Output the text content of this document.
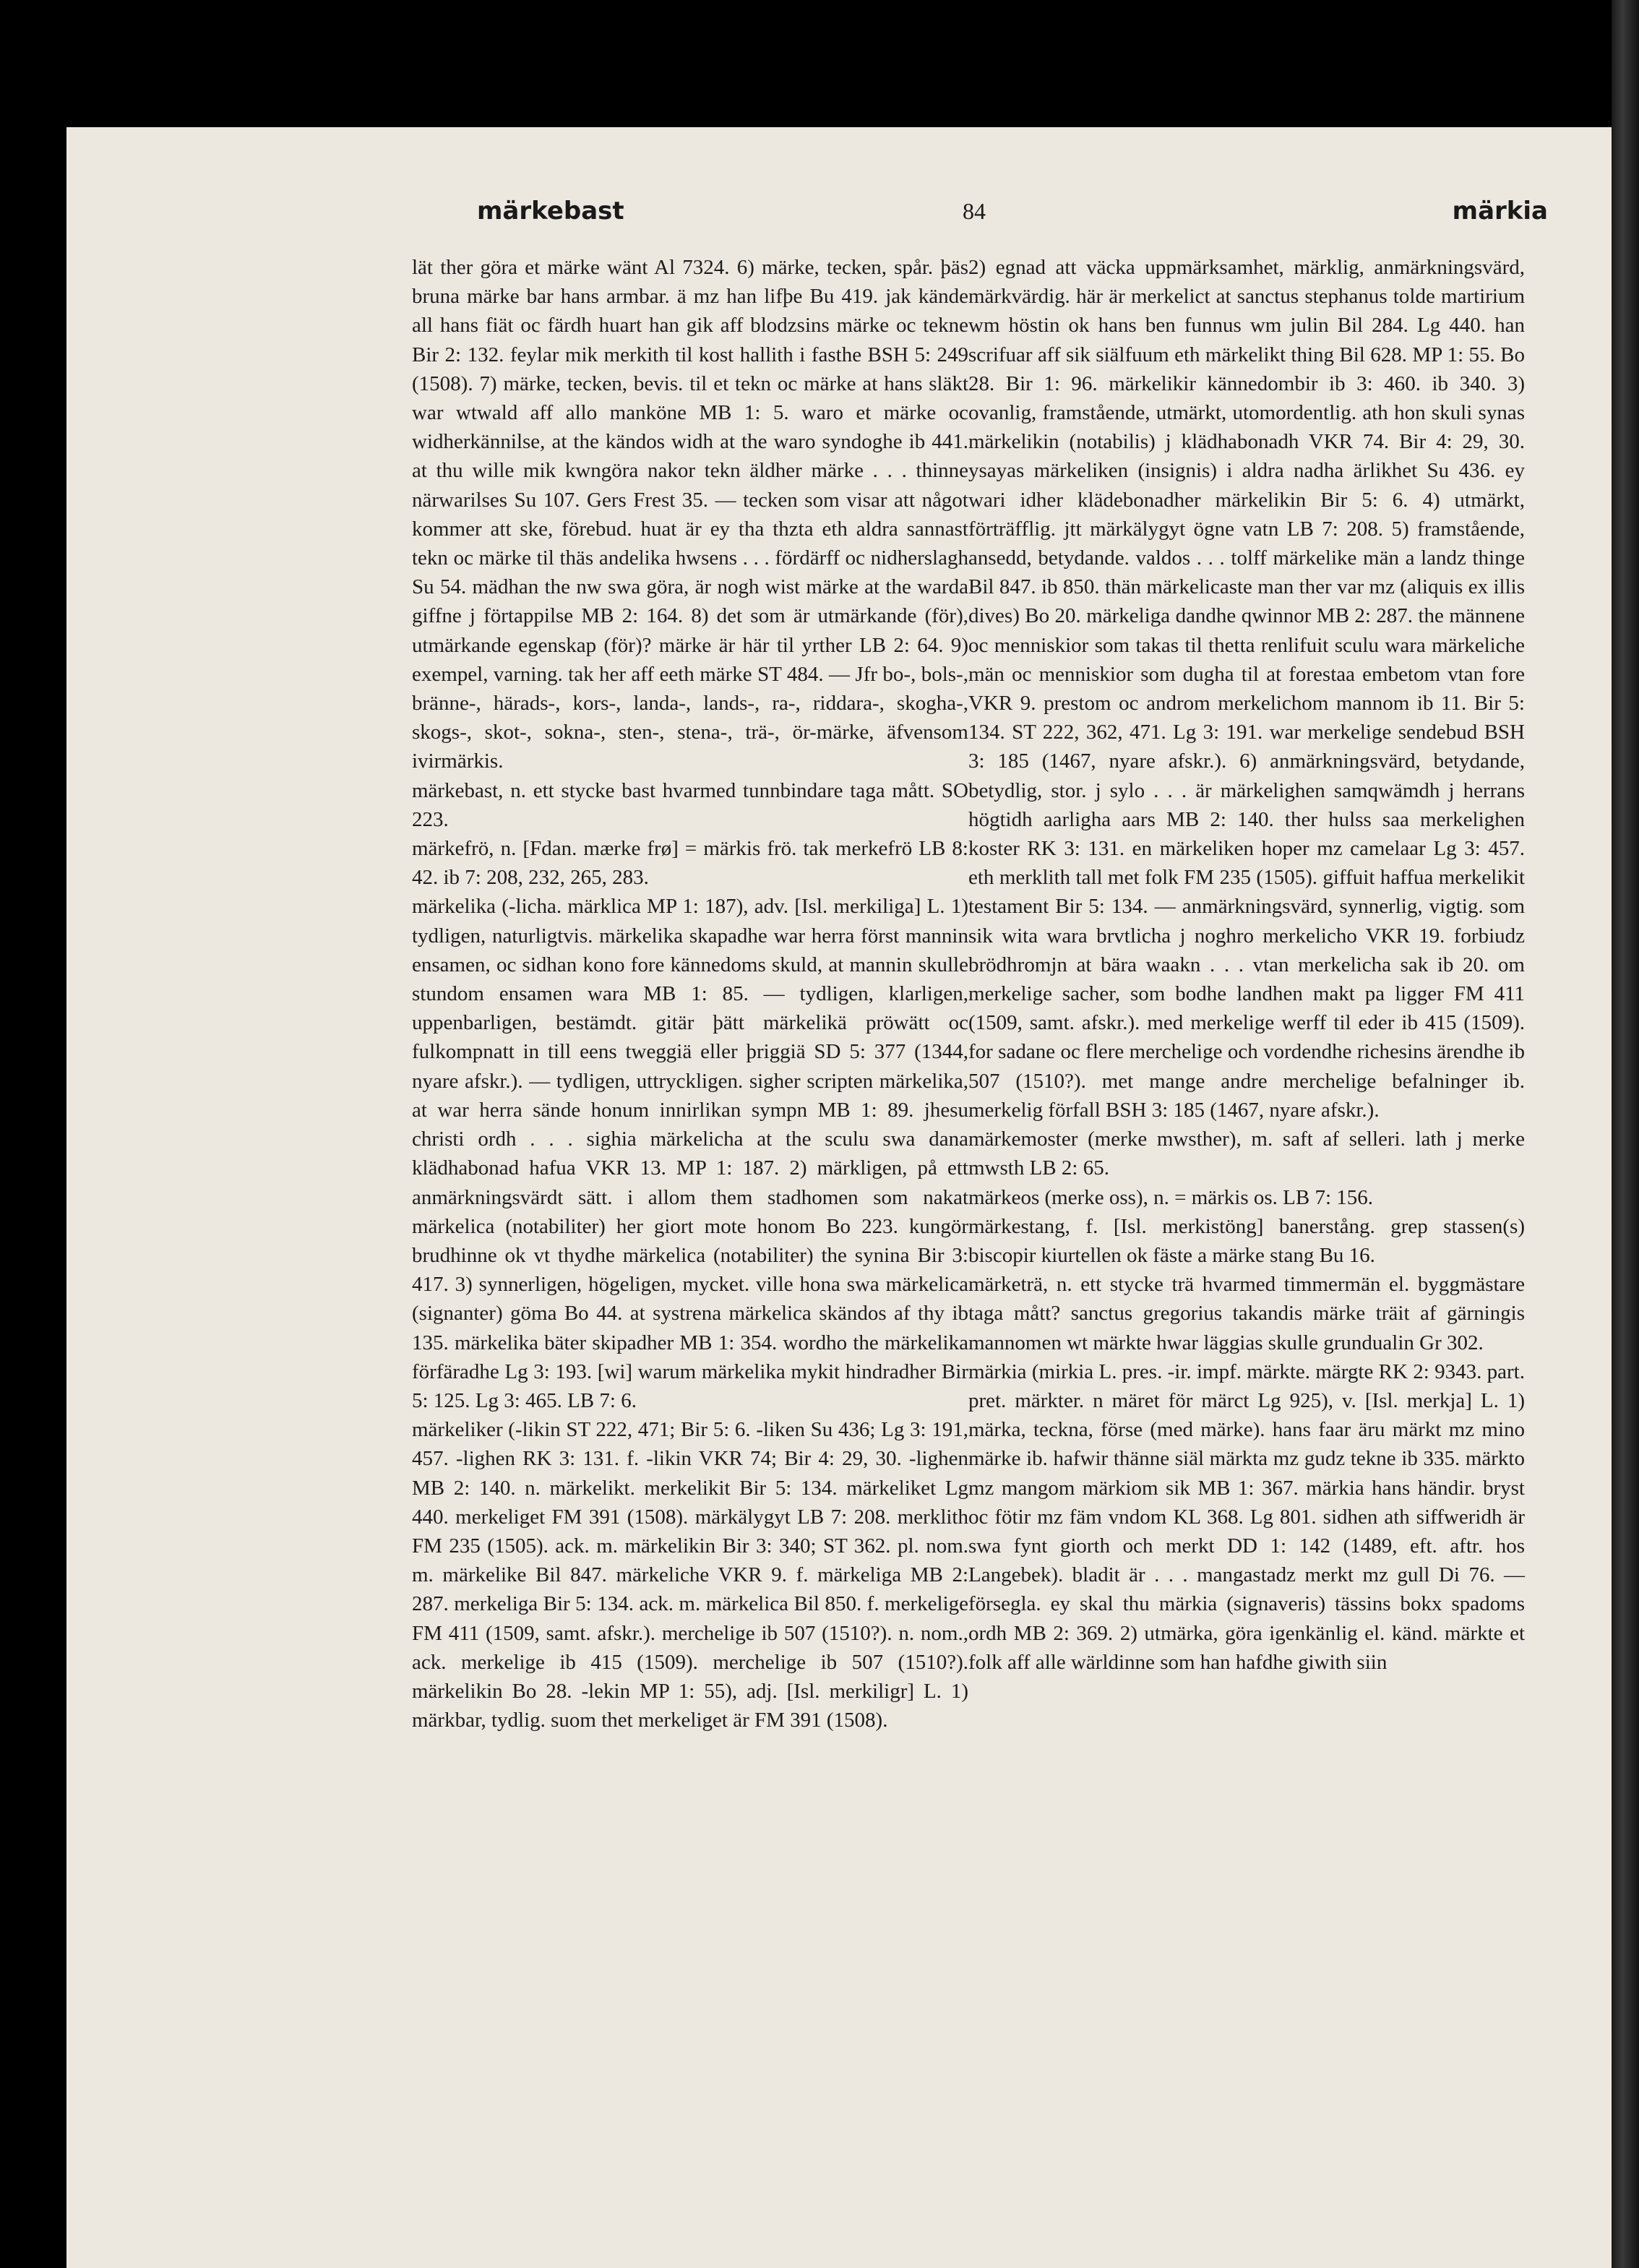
märkebast	84	märkia

lät ther göra et märke wänt Al 7324. 6) märke, tecken, spår. þäs bruna märke bar hans armbar. ä mz han lifþe Bu 419. jak kände all hans fiät oc färdh huart han gik aff blodzsins märke oc tekne Bir 2: 132. feylar mik merkith til kost hallith i fasthe BSH 5: 249 (1508). 7) märke, tecken, bevis. til et tekn oc märke at hans släkt war wtwald aff allo manköne MB 1: 5. waro et märke oc widherkännilse, at the kändos widh at the waro syndoghe ib 441. at thu wille mik kwngöra nakor tekn äldher märke . . . thinne närwarilses Su 107. Gers Frest 35. — tecken som visar att något kommer att ske, förebud. huat är ey tha thzta eth aldra sannast tekn oc märke til thäs andelika hwsens . . . fördärff oc nidherslagh Su 54. mädhan the nw swa göra, är nogh wist märke at the warda giffne j förtappilse MB 2: 164. 8) det som är utmärkande (för), utmärkande egenskap (för)? märke är här til yrther LB 2: 64. 9) exempel, varning. tak her aff eeth märke ST 484. — Jfr bo-, bols-, bränne-, härads-, kors-, landa-, lands-, ra-, riddara-, skogha-, skogs-, skot-, sokna-, sten-, stena-, trä-, ör-märke, äfvensom ivirmärkis.

märkebast, n. ett stycke bast hvarmed tunnbindare taga mått. SO 223.

märkefrö, n. [Fdan. mærke frø] = märkis frö. tak merkefrö LB 8: 42. ib 7: 208, 232, 265, 283.

märkelika (-licha. märklica MP 1: 187), adv. [Isl. merkiliga] L. 1) tydligen, naturligtvis. märkelika skapadhe war herra först mannin ensamen, oc sidhan kono fore kännedoms skuld, at mannin skulle stundom ensamen wara MB 1: 85. — tydligen, klarligen, uppenbarligen, bestämdt. gitär þätt märkelikä pröwätt oc fulkompnatt in till eens tweggiä eller þriggiä SD 5: 377 (1344, nyare afskr.). — tydligen, uttryckligen. sigher scripten märkelika, at war herra sände honum innirlikan sympn MB 1: 89. jhesu christi ordh . . . sighia märkelicha at the sculu swa dana klädhabonad hafua VKR 13. MP 1: 187. 2) märkligen, på ett anmärkningsvärdt sätt. i allom them stadhomen som nakat märkelica (notabiliter) her giort mote honom Bo 223. kungör brudhinne ok vt thydhe märkelica (notabiliter) the synina Bir 3: 417. 3) synnerligen, högeligen, mycket. ville hona swa märkelica (signanter) göma Bo 44. at systrena märkelica skändos af thy ib 135. märkelika bäter skipadher MB 1: 354. wordho the märkelika förfäradhe Lg 3: 193. [wi] warum märkelika mykit hindradher Bir 5: 125. Lg 3: 465. LB 7: 6.

märkeliker (-likin ST 222, 471; Bir 5: 6. -liken Su 436; Lg 3: 191, 457. -lighen RK 3: 131. f. -likin VKR 74; Bir 4: 29, 30. -lighen MB 2: 140. n. märkelikt. merkelikit Bir 5: 134. märkeliket Lg 440. merkeliget FM 391 (1508). märkälygyt LB 7: 208. merklith FM 235 (1505). ack. m. märkelikin Bir 3: 340; ST 362. pl. nom. m. märkelike Bil 847. märkeliche VKR 9. f. märkeliga MB 2: 287. merkeliga Bir 5: 134. ack. m. märkelica Bil 850. f. merkelige FM 411 (1509, samt. afskr.). merchelige ib 507 (1510?). n. nom., ack. merkelige ib 415 (1509). merchelige ib 507 (1510?). märkelikin Bo 28. -lekin MP 1: 55), adj. [Isl. merkiligr] L. 1) märkbar, tydlig. suom thet merkeliget är FM 391 (1508).

2) egnad att väcka uppmärksamhet, märklig, anmärkningsvärd, märkvärdig. här är merkelict at sanctus stephanus tolde martirium wm höstin ok hans ben funnus wm julin Bil 284. Lg 440. han scrifuar aff sik siälfuum eth märkelikt thing Bil 628. MP 1: 55. Bo 28. Bir 1: 96. märkelikir kännedombir ib 3: 460. ib 340. 3) ovanlig, framstående, utmärkt, utomordentlig. ath hon skuli synas märkelikin (notabilis) j klädhabonadh VKR 74. Bir 4: 29, 30. ysayas märkeliken (insignis) i aldra nadha ärlikhet Su 436. ey wari idher klädebonadher märkelikin Bir 5: 6. 4) utmärkt, förträfflig. jtt märkälygyt ögne vatn LB 7: 208. 5) framstående, ansedd, betydande. valdos . . . tolff märkelike män a landz thinge Bil 847. ib 850. thän märkelicaste man ther var mz (aliquis ex illis dives) Bo 20. märkeliga dandhe qwinnor MB 2: 287. the männene oc menniskior som takas til thetta renlifuit sculu wara märkeliche män oc menniskior som dugha til at forestaa embetom vtan fore VKR 9. prestom oc androm merkelichom mannom ib 11. Bir 5: 134. ST 222, 362, 471. Lg 3: 191. war merkelige sendebud BSH 3: 185 (1467, nyare afskr.). 6) anmärkningsvärd, betydande, betydlig, stor. j sylo . . . är märkelighen samqwämdh j herrans högtidh aarligha aars MB 2: 140. ther hulss saa merkelighen koster RK 3: 131. en märkeliken hoper mz camelaar Lg 3: 457. eth merklith tall met folk FM 235 (1505). giffuit haffua merkelikit testament Bir 5: 134. — anmärkningsvärd, synnerlig, vigtig. som sik wita wara brvtlicha j noghro merkelicho VKR 19. forbiudz brödhromjn at bära waakn . . . vtan merkelicha sak ib 20. om merkelige sacher, som bodhe landhen makt pa ligger FM 411 (1509, samt. afskr.). med merkelige werff til eder ib 415 (1509). for sadane oc flere merchelige och vordendhe richesins ärendhe ib 507 (1510?). met mange andre merchelige befalninger ib. merkelig förfall BSH 3: 185 (1467, nyare afskr.).

märkemoster (merke mwsther), m. saft af selleri. lath j merke mwsth LB 2: 65.

märkeos (merke oss), n. = märkis os. LB 7: 156.

märkestang, f. [Isl. merkistöng] banerstång. grep stassen(s) biscopir kiurtellen ok fäste a märke stang Bu 16.

märketrä, n. ett stycke trä hvarmed timmermän el. byggmästare taga mått? sanctus gregorius takandis märke träit af gärningis mannomen wt märkte hwar läggias skulle grundualin Gr 302.

märkia (mirkia L. pres. -ir. impf. märkte. märgte RK 2: 9343. part. pret. märkter. n märet för märct Lg 925), v. [Isl. merkja] L. 1) märka, teckna, förse (med märke). hans faar äru märkt mz mino märke ib. hafwir thänne siäl märkta mz gudz tekne ib 335. märkto mz mangom märkiom sik MB 1: 367. märkia hans händir. bryst oc fötir mz fäm vndom KL 368. Lg 801. sidhen ath siffweridh är swa fynt giorth och merkt DD 1: 142 (1489, eft. aftr. hos Langebek). bladit är . . . mangastadz merkt mz gull Di 76. — försegla. ey skal thu märkia (signaveris) tässins bokx spadoms ordh MB 2: 369. 2) utmärka, göra igenkänlig el. känd. märkte et folk aff alle wärldinne som han hafdhe giwith siin
